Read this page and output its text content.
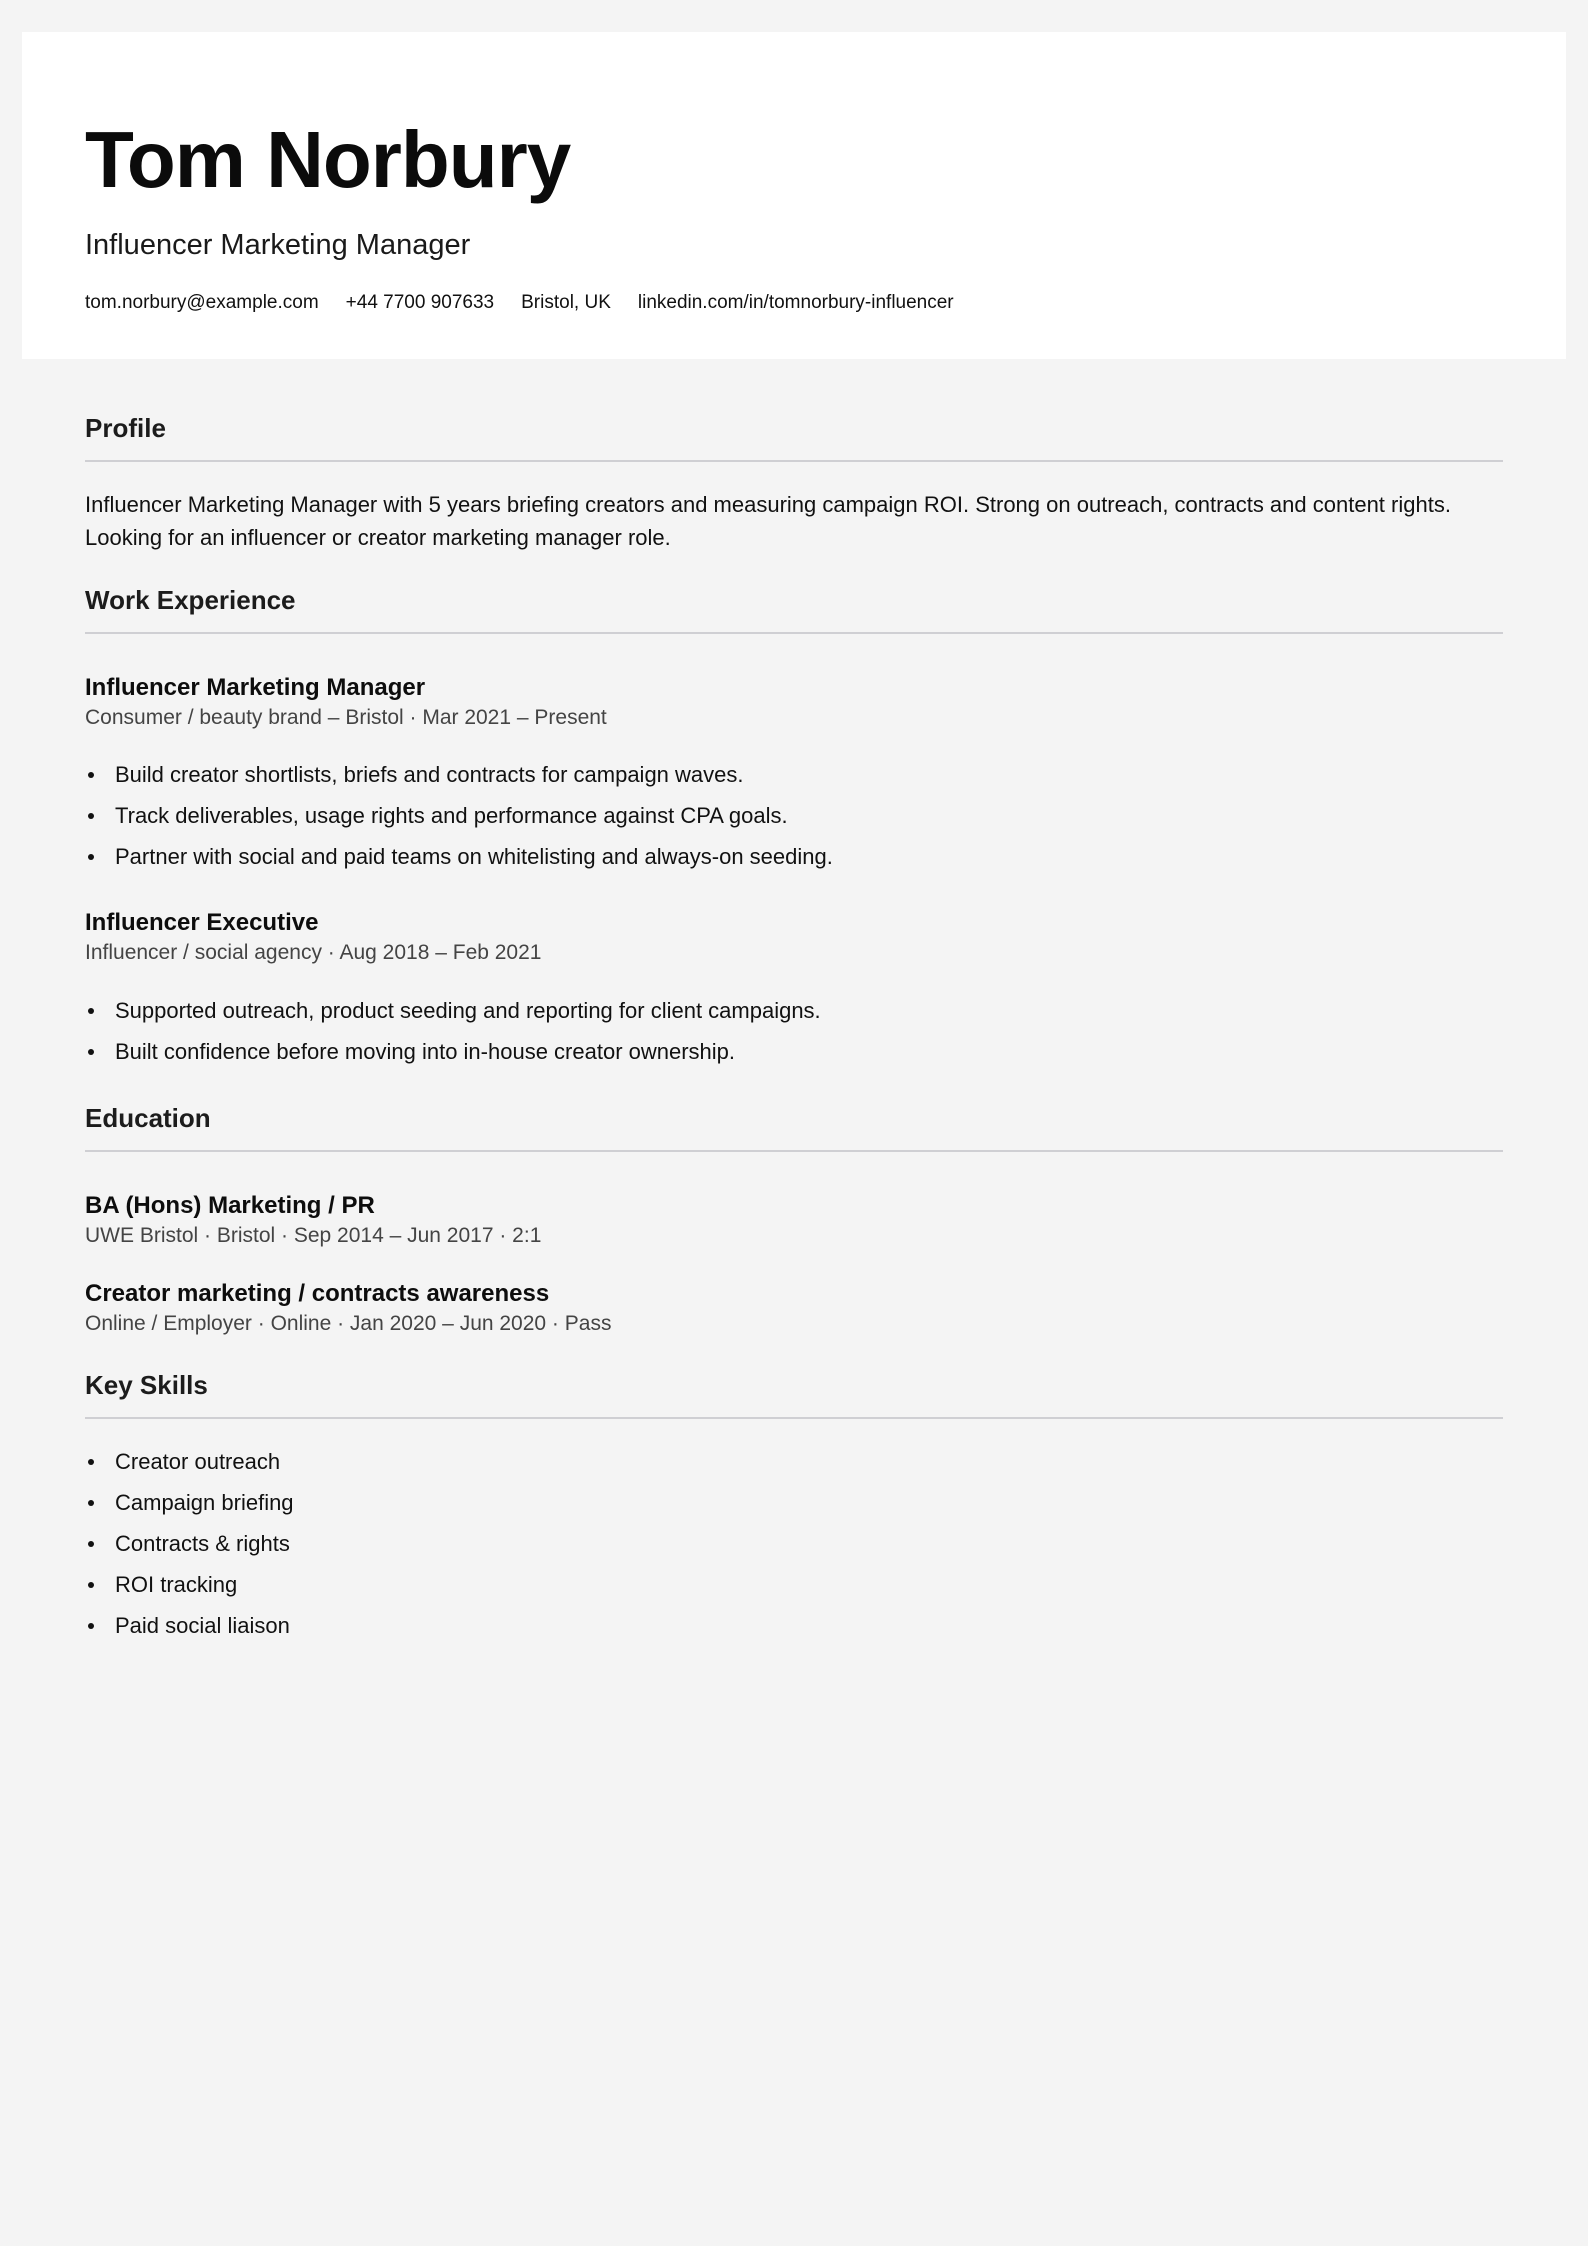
Tom Norbury
Influencer Marketing Manager
tom.norbury@example.com +44 7700 907633 Bristol, UK linkedin.com/in/tomnorbury-influencer
Profile

Influencer Marketing Manager with 5 years briefing creators and measuring campaign ROI. Strong on outreach, contracts and content rights. Looking for an influencer or creator marketing manager role.

Work Experience
Influencer Marketing Manager
Consumer / beauty brand – Bristol · Mar 2021 – Present
Build creator shortlists, briefs and contracts for campaign waves.
Track deliverables, usage rights and performance against CPA goals.
Partner with social and paid teams on whitelisting and always-on seeding.
Influencer Executive
Influencer / social agency · Aug 2018 – Feb 2021
Supported outreach, product seeding and reporting for client campaigns.
Built confidence before moving into in-house creator ownership.
Education
BA (Hons) Marketing / PR
UWE Bristol · Bristol · Sep 2014 – Jun 2017 · 2:1
Creator marketing / contracts awareness
Online / Employer · Online · Jan 2020 – Jun 2020 · Pass
Key Skills
Creator outreach
Campaign briefing
Contracts & rights
ROI tracking
Paid social liaison
